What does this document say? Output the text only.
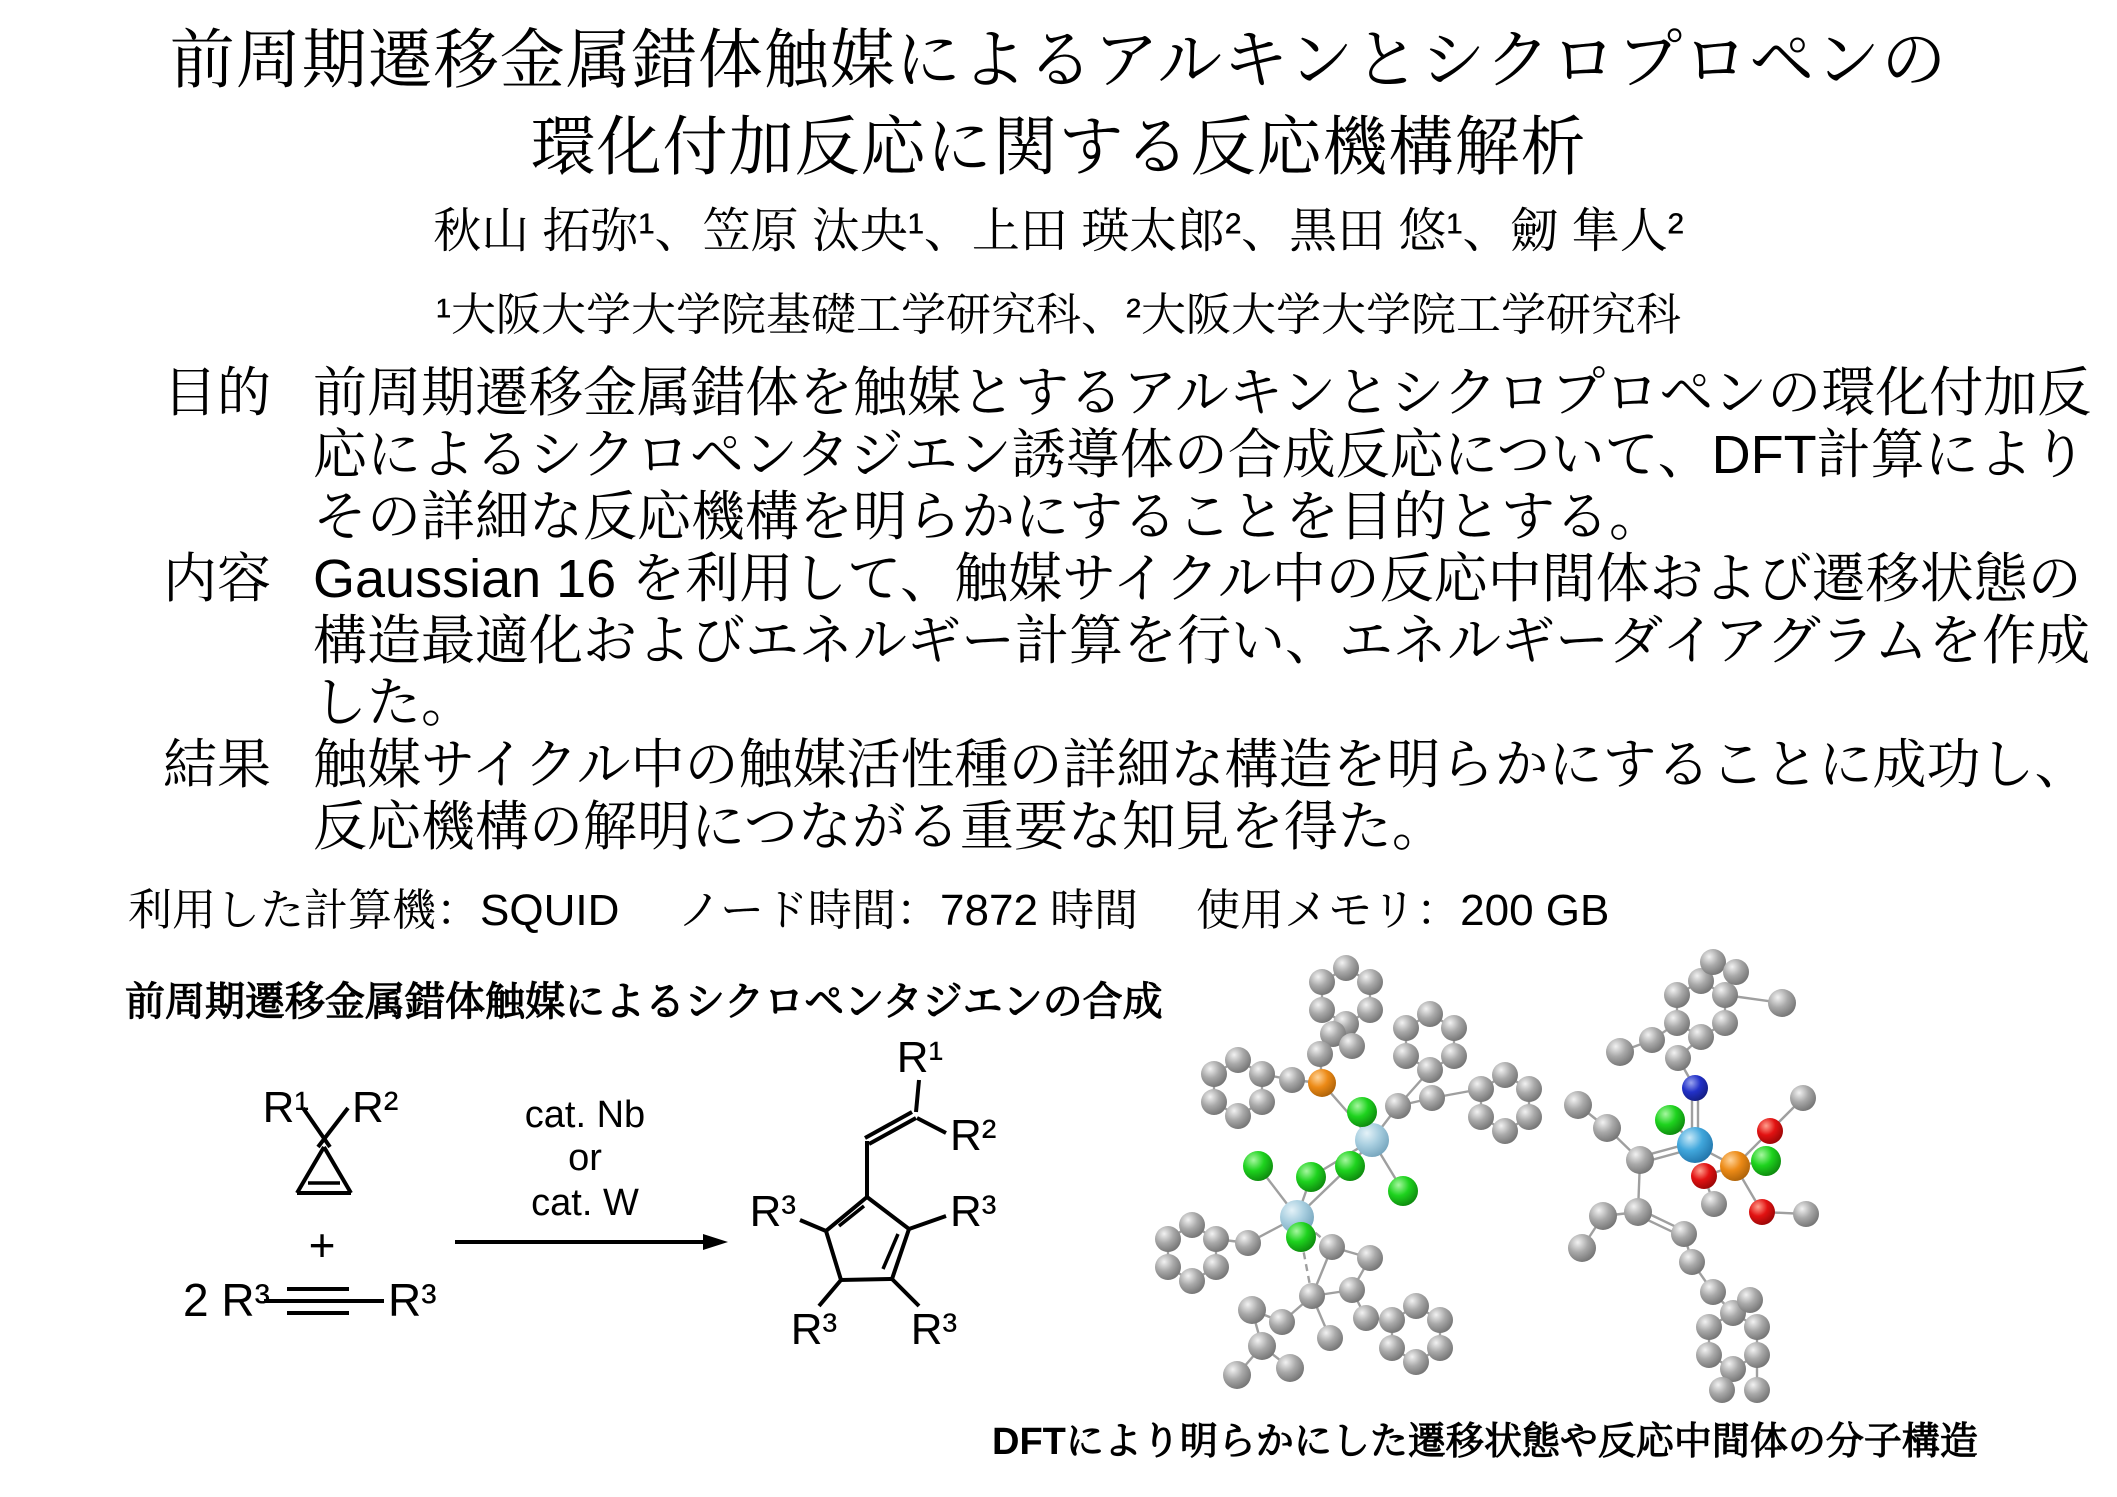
前周期遷移金属錯体触媒によるアルキンとシクロプロペンの
環化付加反応に関する反応機構解析
秋山 拓弥¹、笠原 汰央¹、上田 瑛太郎²、黒田 悠¹、劒 隼人²
¹大阪大学大学院基礎工学研究科、²大阪大学大学院工学研究科
目的 前周期遷移金属錯体を触媒とするアルキンとシクロプロペンの環化付加反
応によるシクロペンタジエン誘導体の合成反応について、DFT計算により
その詳細な反応機構を明らかにすることを目的とする。
内容 Gaussian 16 を利用して、触媒サイクル中の反応中間体および遷移状態の
構造最適化およびエネルギー計算を行い、エネルギーダイアグラムを作成
した。
結果 触媒サイクル中の触媒活性種の詳細な構造を明らかにすることに成功し、
反応機構の解明につながる重要な知見を得た。
利用した計算機：SQUID ノード時間：7872 時間 使用メモリ：200 GB
前周期遷移金属錯体触媒によるシクロペンタジエンの合成
R¹ R²
+
2 R³	R³
cat. Nb
or
cat. W
R¹
R²
R³	R³
R³ R³
DFTにより明らかにした遷移状態や反応中間体の分子構造
